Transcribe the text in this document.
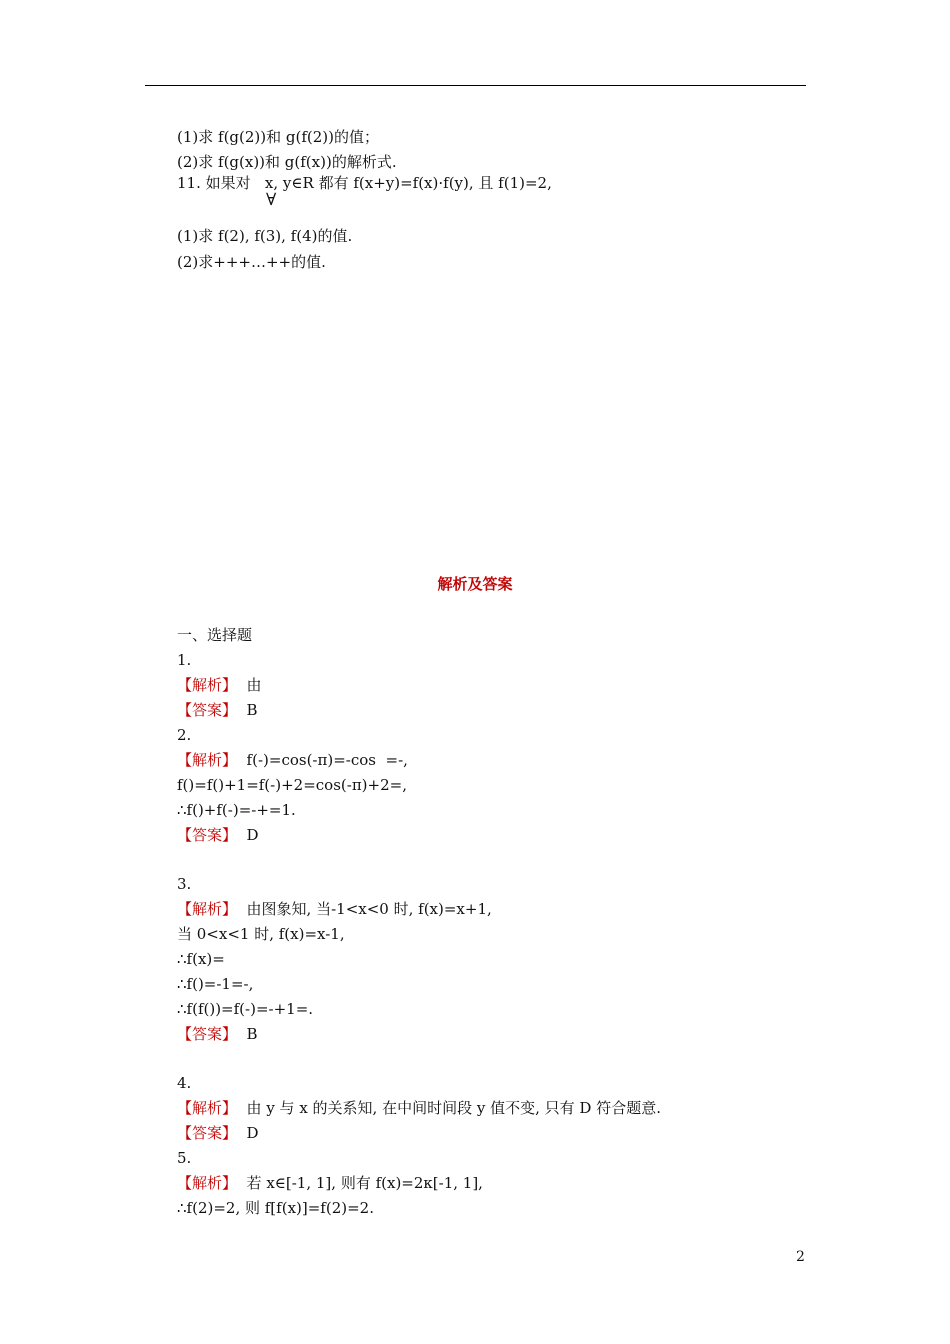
(1)求 f(g(2))和 g(f(2))的值；
(2)求 f(g(x))和 g(f(x))的解析式.
11. 如果对   x, y∈R 都有 f(x+y)=f(x)·f(y), 且 f(1)=2,
∀
(1)求 f(2), f(3), f(4)的值.
(2)求+++…++的值.
解析及答案
一、选择题
1.
【解析】  由
【答案】  B
2.
【解析】  f(-)=cos(-π)=-cos  =-,
f()=f()+1=f(-)+2=cos(-π)+2=,
∴f()+f(-)=-+=1.
【答案】  D
3.
【解析】  由图象知, 当-1<x<0 时, f(x)=x+1,
当 0<x<1 时, f(x)=x-1,
∴f(x)=
∴f()=-1=-,
∴f(f())=f(-)=-+1=.
【答案】  B
4.
【解析】  由 y 与 x 的关系知, 在中间时间段 y 值不变, 只有 D 符合题意.
【答案】  D
5.
【解析】  若 x∈[-1, 1], 则有 f(x)=2κ[-1, 1],
∴f(2)=2, 则 f[f(x)]=f(2)=2.
2
